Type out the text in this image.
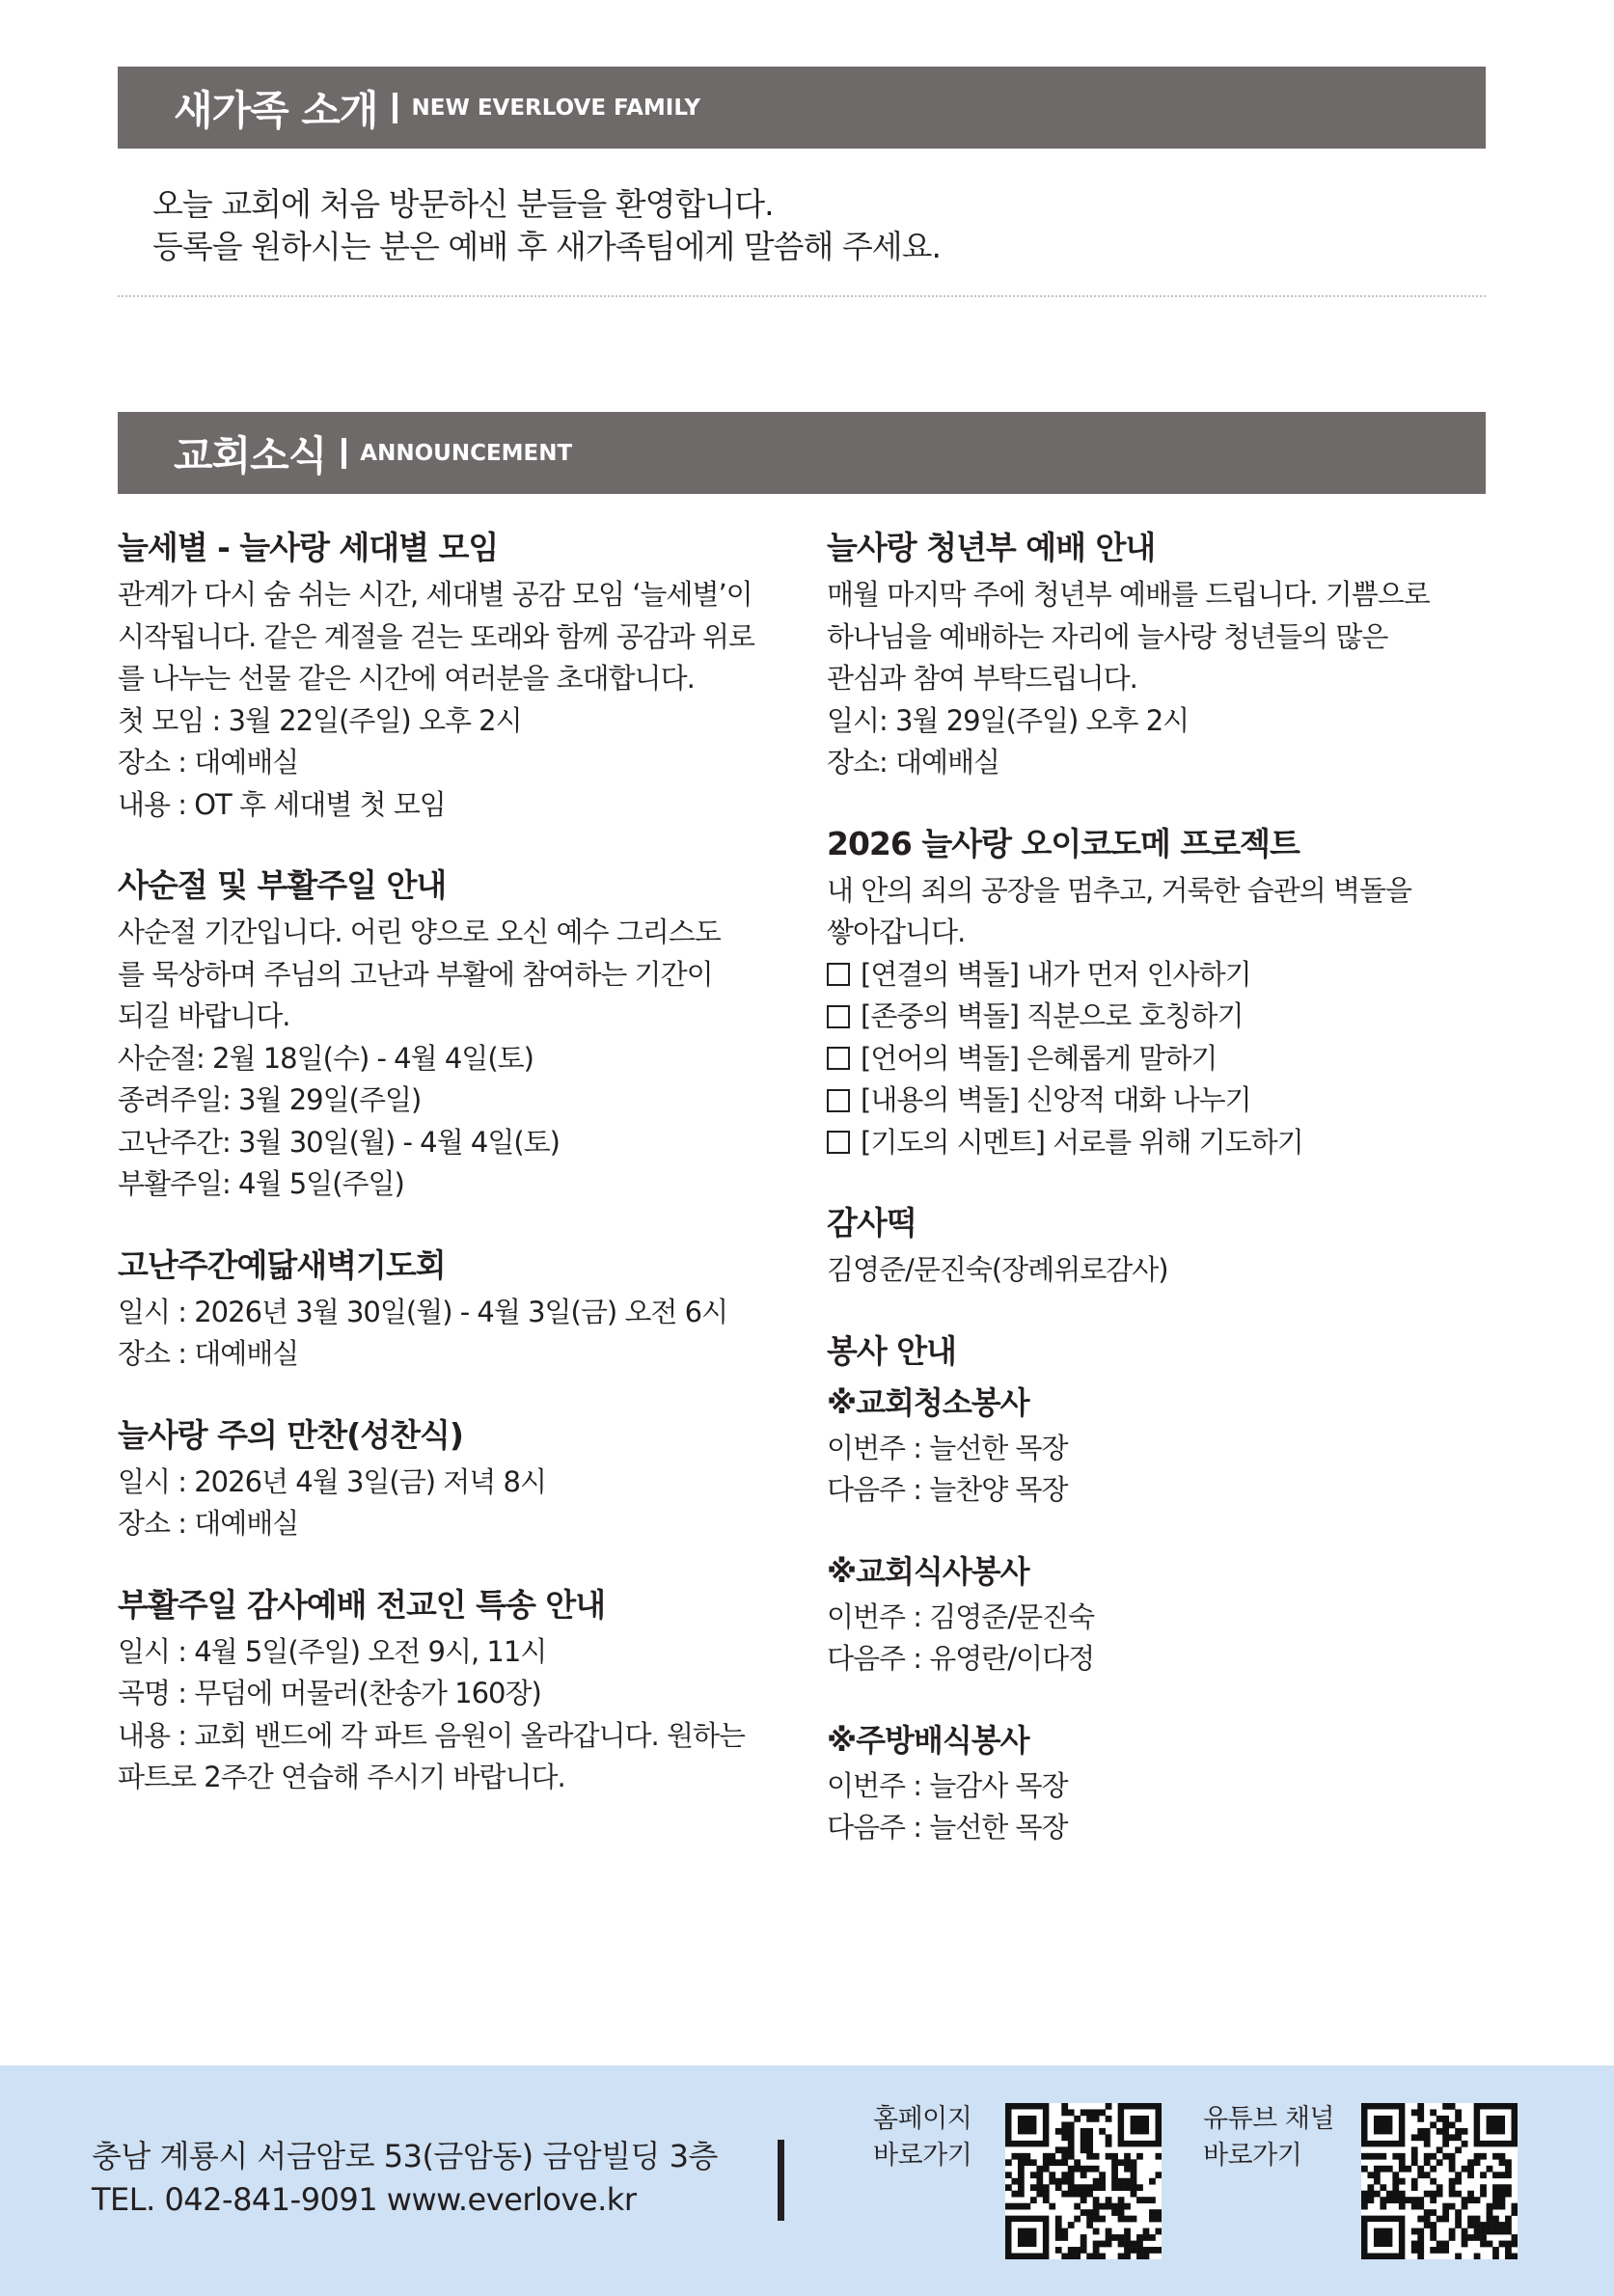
새가족 소개 NEW EVERLOVE FAMILY
오늘 교회에 처음 방문하신 분들을 환영합니다.
등록을 원하시는 분은 예배 후 새가족팀에게 말씀해 주세요.
교회소식 ANNOUNCEMENT
늘세별 - 늘사랑 세대별 모임
관계가 다시 숨 쉬는 시간, 세대별 공감 모임 ‘늘세별’이
시작됩니다. 같은 계절을 걷는 또래와 함께 공감과 위로
를 나누는 선물 같은 시간에 여러분을 초대합니다.
첫 모임 : 3월 22일(주일) 오후 2시
장소 : 대예배실
내용 : OT 후 세대별 첫 모임
사순절 및 부활주일 안내
사순절 기간입니다. 어린 양으로 오신 예수 그리스도
를 묵상하며 주님의 고난과 부활에 참여하는 기간이
되길 바랍니다.
사순절: 2월 18일(수) - 4월 4일(토)
종려주일: 3월 29일(주일)
고난주간: 3월 30일(월) - 4월 4일(토)
부활주일: 4월 5일(주일)
고난주간예닮새벽기도회
일시 : 2026년 3월 30일(월) - 4월 3일(금) 오전 6시
장소 : 대예배실
늘사랑 주의 만찬(성찬식)
일시 : 2026년 4월 3일(금) 저녁 8시
장소 : 대예배실
부활주일 감사예배 전교인 특송 안내
일시 : 4월 5일(주일) 오전 9시, 11시
곡명 : 무덤에 머물러(찬송가 160장)
내용 : 교회 밴드에 각 파트 음원이 올라갑니다. 원하는
파트로 2주간 연습해 주시기 바랍니다.
늘사랑 청년부 예배 안내
매월 마지막 주에 청년부 예배를 드립니다. 기쁨으로
하나님을 예배하는 자리에 늘사랑 청년들의 많은
관심과 참여 부탁드립니다.
일시: 3월 29일(주일) 오후 2시
장소: 대예배실
2026 늘사랑 오이코도메 프로젝트
내 안의 죄의 공장을 멈추고, 거룩한 습관의 벽돌을
쌓아갑니다.
[연결의 벽돌] 내가 먼저 인사하기
[존중의 벽돌] 직분으로 호칭하기
[언어의 벽돌] 은혜롭게 말하기
[내용의 벽돌] 신앙적 대화 나누기
[기도의 시멘트] 서로를 위해 기도하기
감사떡
김영준/문진숙(장례위로감사)
봉사 안내
※교회청소봉사
이번주 : 늘선한 목장
다음주 : 늘찬양 목장
※교회식사봉사
이번주 : 김영준/문진숙
다음주 : 유영란/이다정
※주방배식봉사
이번주 : 늘감사 목장
다음주 : 늘선한 목장
충남 계룡시 서금암로 53(금암동) 금암빌딩 3층
TEL. 042-841-9091 www.everlove.kr
홈페이지
바로가기
유튜브 채널
바로가기
